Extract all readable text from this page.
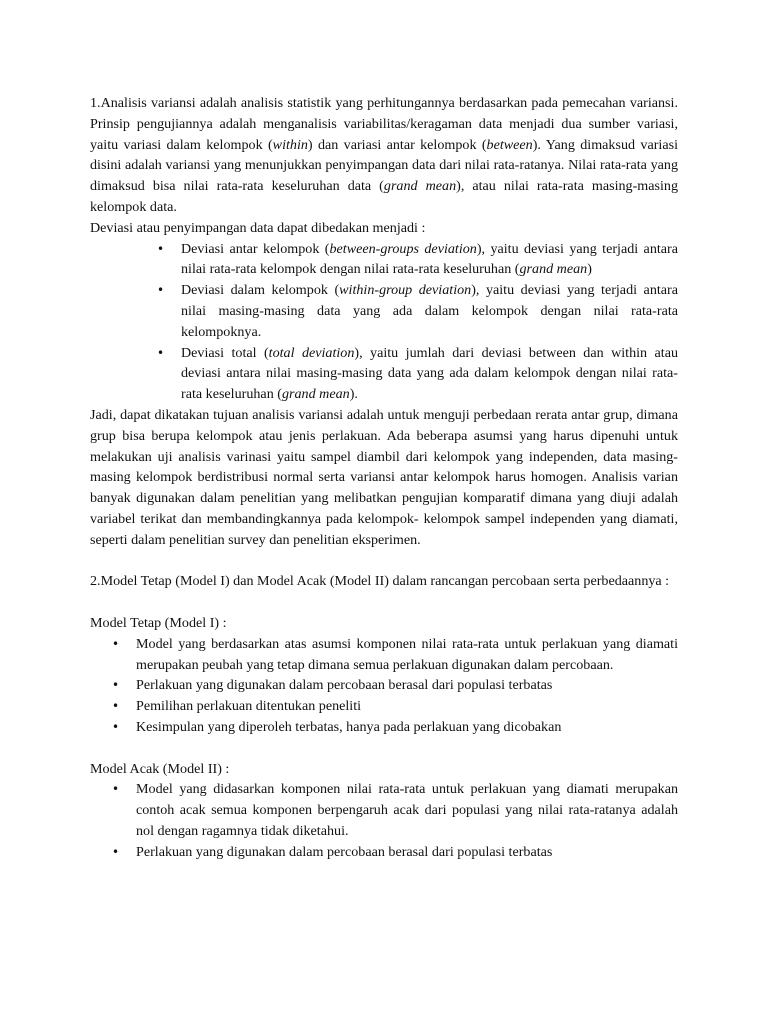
1.Analisis variansi adalah analisis statistik yang perhitungannya berdasarkan pada pemecahan variansi. Prinsip pengujiannya adalah menganalisis variabilitas/keragaman data menjadi dua sumber variasi, yaitu variasi dalam kelompok (within) dan variasi antar kelompok (between). Yang dimaksud variasi disini adalah variansi yang menunjukkan penyimpangan data dari nilai rata-ratanya. Nilai rata-rata yang dimaksud bisa nilai rata-rata keseluruhan data (grand mean), atau nilai rata-rata masing-masing kelompok data.

Deviasi atau penyimpangan data dapat dibedakan menjadi :

• Deviasi antar kelompok (between-groups deviation), yaitu deviasi yang terjadi antara nilai rata-rata kelompok dengan nilai rata-rata keseluruhan (grand mean)
• Deviasi dalam kelompok (within-group deviation), yaitu deviasi yang terjadi antara nilai masing-masing data yang ada dalam kelompok dengan nilai rata-rata kelompoknya.
• Deviasi total (total deviation), yaitu jumlah dari deviasi between dan within atau deviasi antara nilai masing-masing data yang ada dalam kelompok dengan nilai rata-rata keseluruhan (grand mean).

Jadi, dapat dikatakan tujuan analisis variansi adalah untuk menguji perbedaan rerata antar grup, dimana grup bisa berupa kelompok atau jenis perlakuan. Ada beberapa asumsi yang harus dipenuhi untuk melakukan uji analisis varinasi yaitu sampel diambil dari kelompok yang independen, data masing-masing kelompok berdistribusi normal serta variansi antar kelompok harus homogen. Analisis varian banyak digunakan dalam penelitian yang melibatkan pengujian komparatif dimana yang diuji adalah variabel terikat dan membandingkannya pada kelompok- kelompok sampel independen yang diamati, seperti dalam penelitian survey dan penelitian eksperimen.

2.Model Tetap (Model I) dan Model Acak (Model II) dalam rancangan percobaan serta perbedaannya :

Model Tetap (Model I) :

• Model yang berdasarkan atas asumsi komponen nilai rata-rata untuk perlakuan yang diamati merupakan peubah yang tetap dimana semua perlakuan digunakan dalam percobaan.
• Perlakuan yang digunakan dalam percobaan berasal dari populasi terbatas
• Pemilihan perlakuan ditentukan peneliti
• Kesimpulan yang diperoleh terbatas, hanya pada perlakuan yang dicobakan

Model Acak (Model II) :

• Model yang didasarkan komponen nilai rata-rata untuk perlakuan yang diamati merupakan contoh acak semua komponen berpengaruh acak dari populasi yang nilai rata-ratanya adalah nol dengan ragamnya tidak diketahui.
• Perlakuan yang digunakan dalam percobaan berasal dari populasi terbatas
